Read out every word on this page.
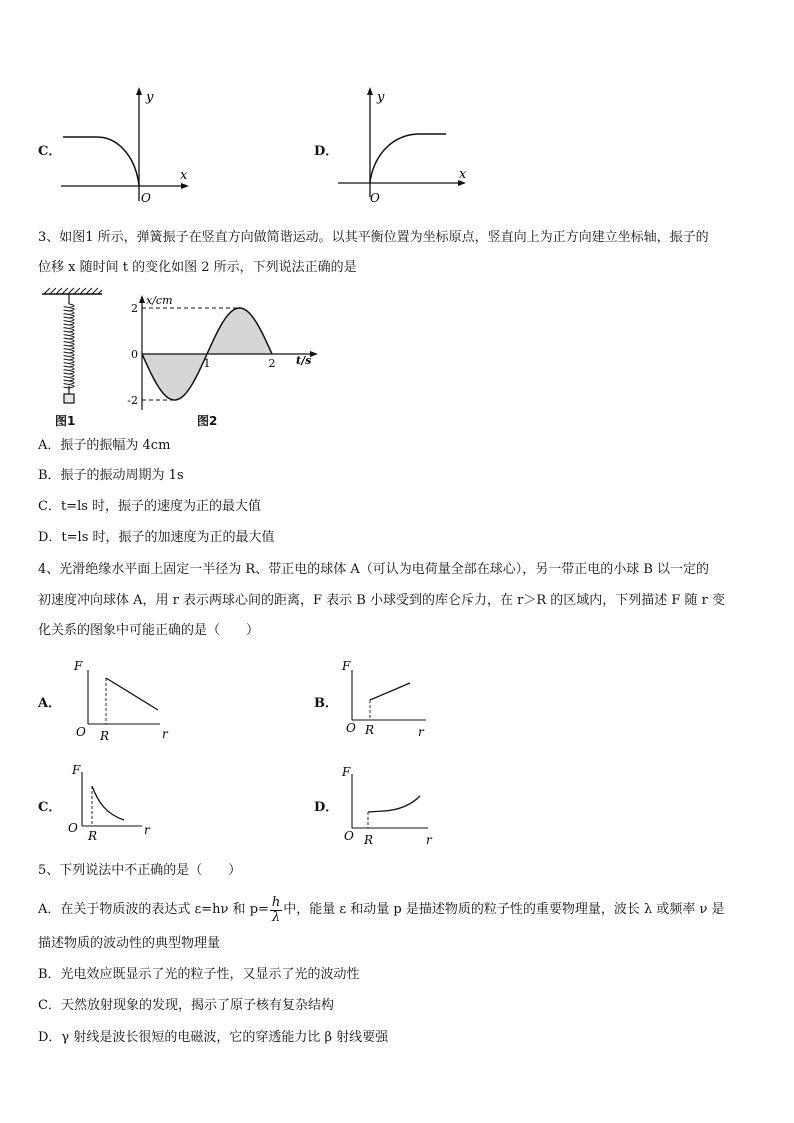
C．
y
x
O
D．
y
x
O
3、如图1 所示，弹簧振子在竖直方向做简谐运动。以其平衡位置为坐标原点，竖直向上为正方向建立坐标轴，振子的
位移 x 随时间 t 的变化如图 2 所示，下列说法正确的是
图1
x/cm
t/s
2
0
-2
1	2
图2
A．振子的振幅为 4cm
B．振子的振动周期为 1s
C．t=ls 时，振子的速度为正的最大值
D．t=ls 时，振子的加速度为正的最大值
4、光滑绝缘水平面上固定一半径为 R、带正电的球体 A（可认为电荷量全部在球心），另一带正电的小球 B 以一定的
初速度冲向球体 A，用 r 表示两球心间的距离，F 表示 B 小球受到的库仑斥力，在 r＞R 的区域内，下列描述 F 随 r 变
化关系的图象中可能正确的是（　　）
A．
F
O R	r
B．
F
O R	r
C．
F
O
R	r
D．
F
O R	r
5、下列说法中不正确的是（　　）
A．在关于物质波的表达式 ε=hν 和 $p= \frac{h}{\lambda}$ 中，能量 ε 和动量 p 是描述物质的粒子性的重要物理量，波长 λ 或频率 ν 是
描述物质的波动性的典型物理量
B．光电效应既显示了光的粒子性，又显示了光的波动性
C．天然放射现象的发现，揭示了原子核有复杂结构
D．γ 射线是波长很短的电磁波，它的穿透能力比 β 射线要强
